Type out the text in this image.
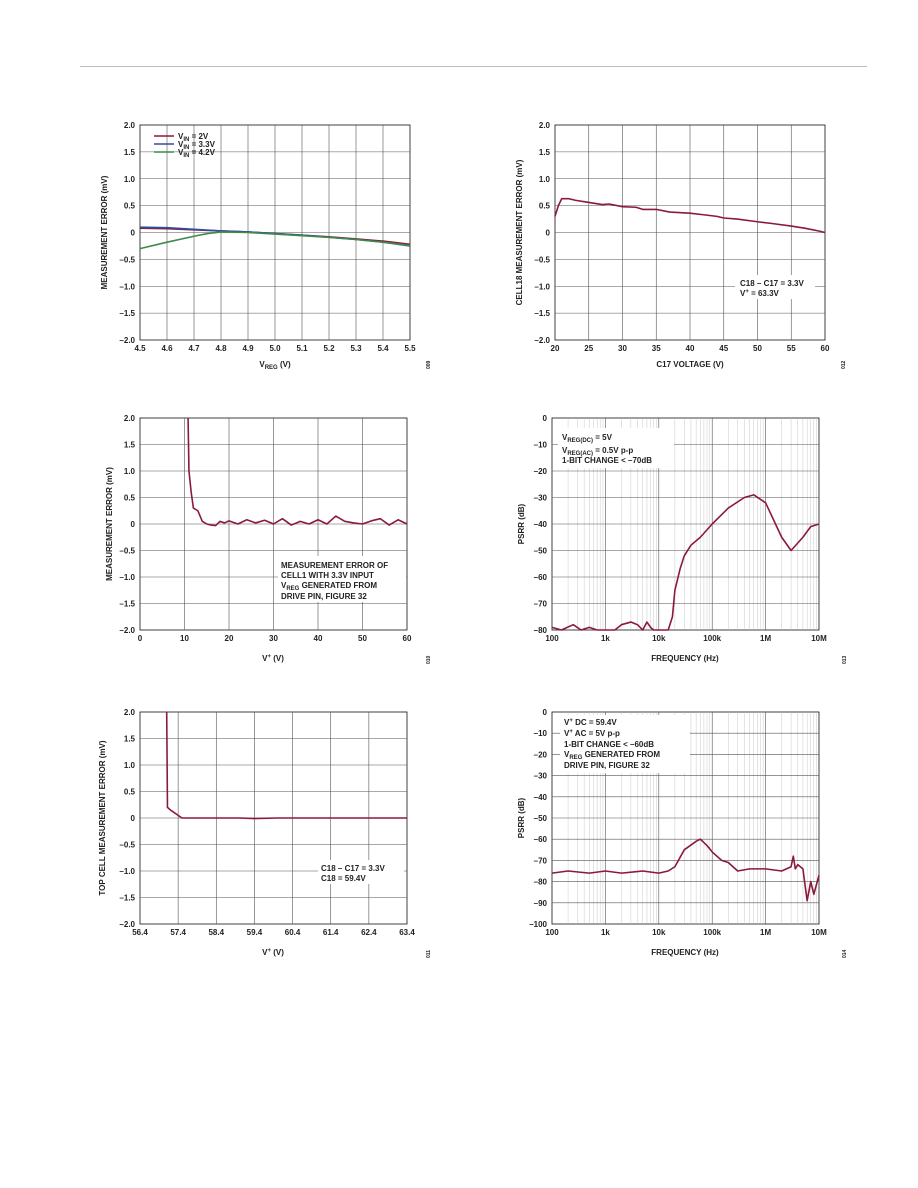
4.5 4.6 4.7 4.8 4.9 5.0 5.1 5.2 5.3 5.4 5.5
2.0
1.5
1.0
0.5
0
–0.5
–1.0
–1.5
–2.0
$V_{IN} = 2V$
$V_{IN} = 3.3V$
$V_{IN} = 4.2V$
$V_{REG}$ (V)
MEASUREMENT ERROR (mV)
009
20	25	30	35	40	45	50	55	60
2.0
1.5
1.0
0.5
0
–0.5
–1.0
–1.5
–2.0
C18 – C17 = 3.3V
V+ = 63.3V
C17 VOLTAGE (V)
CELL18 MEASUREMENT ERROR (mV)
012
0	10	20	30	40	50	60
2.0
1.5
1.0
0.5
0
–0.5
–1.0
–1.5
–2.0
MEASUREMENT ERROR OF
CELL1 WITH 3.3V INPUT
$V_{REG}$ GENERATED FROM
DRIVE PIN, FIGURE 32
V+ (V)
MEASUREMENT ERROR (mV)
010
100	1k	10k	100k	1M	10M
0
–10
–20
–30
–40
–50
–60
–70
–80
$V_{REG(DC)} = 5V$
$V_{REG(AC)} = 0.5V$ p-p
1-BIT CHANGE < –70dB
FREQUENCY (Hz)
PSRR (dB)
013
56.4	57.4	58.4	59.4	60.4	61.4	62.4	63.4
2.0
1.5
1.0
0.5
0
–0.5
–1.0
–1.5
–2.0
C18 – C17 = 3.3V
C18 = 59.4V
V+ (V)
TOP CELL MEASUREMENT ERROR (mV)
011
100	1k	10k	100k	1M	10M
0
–10
–20
–30
–40
–50
–60
–70
–80
–90
–100
V+ DC = 59.4V
V+ AC = 5V p-p
1-BIT CHANGE < –60dB
$V_{REG}$ GENERATED FROM
DRIVE PIN, FIGURE 32
FREQUENCY (Hz)
PSRR (dB)
014
